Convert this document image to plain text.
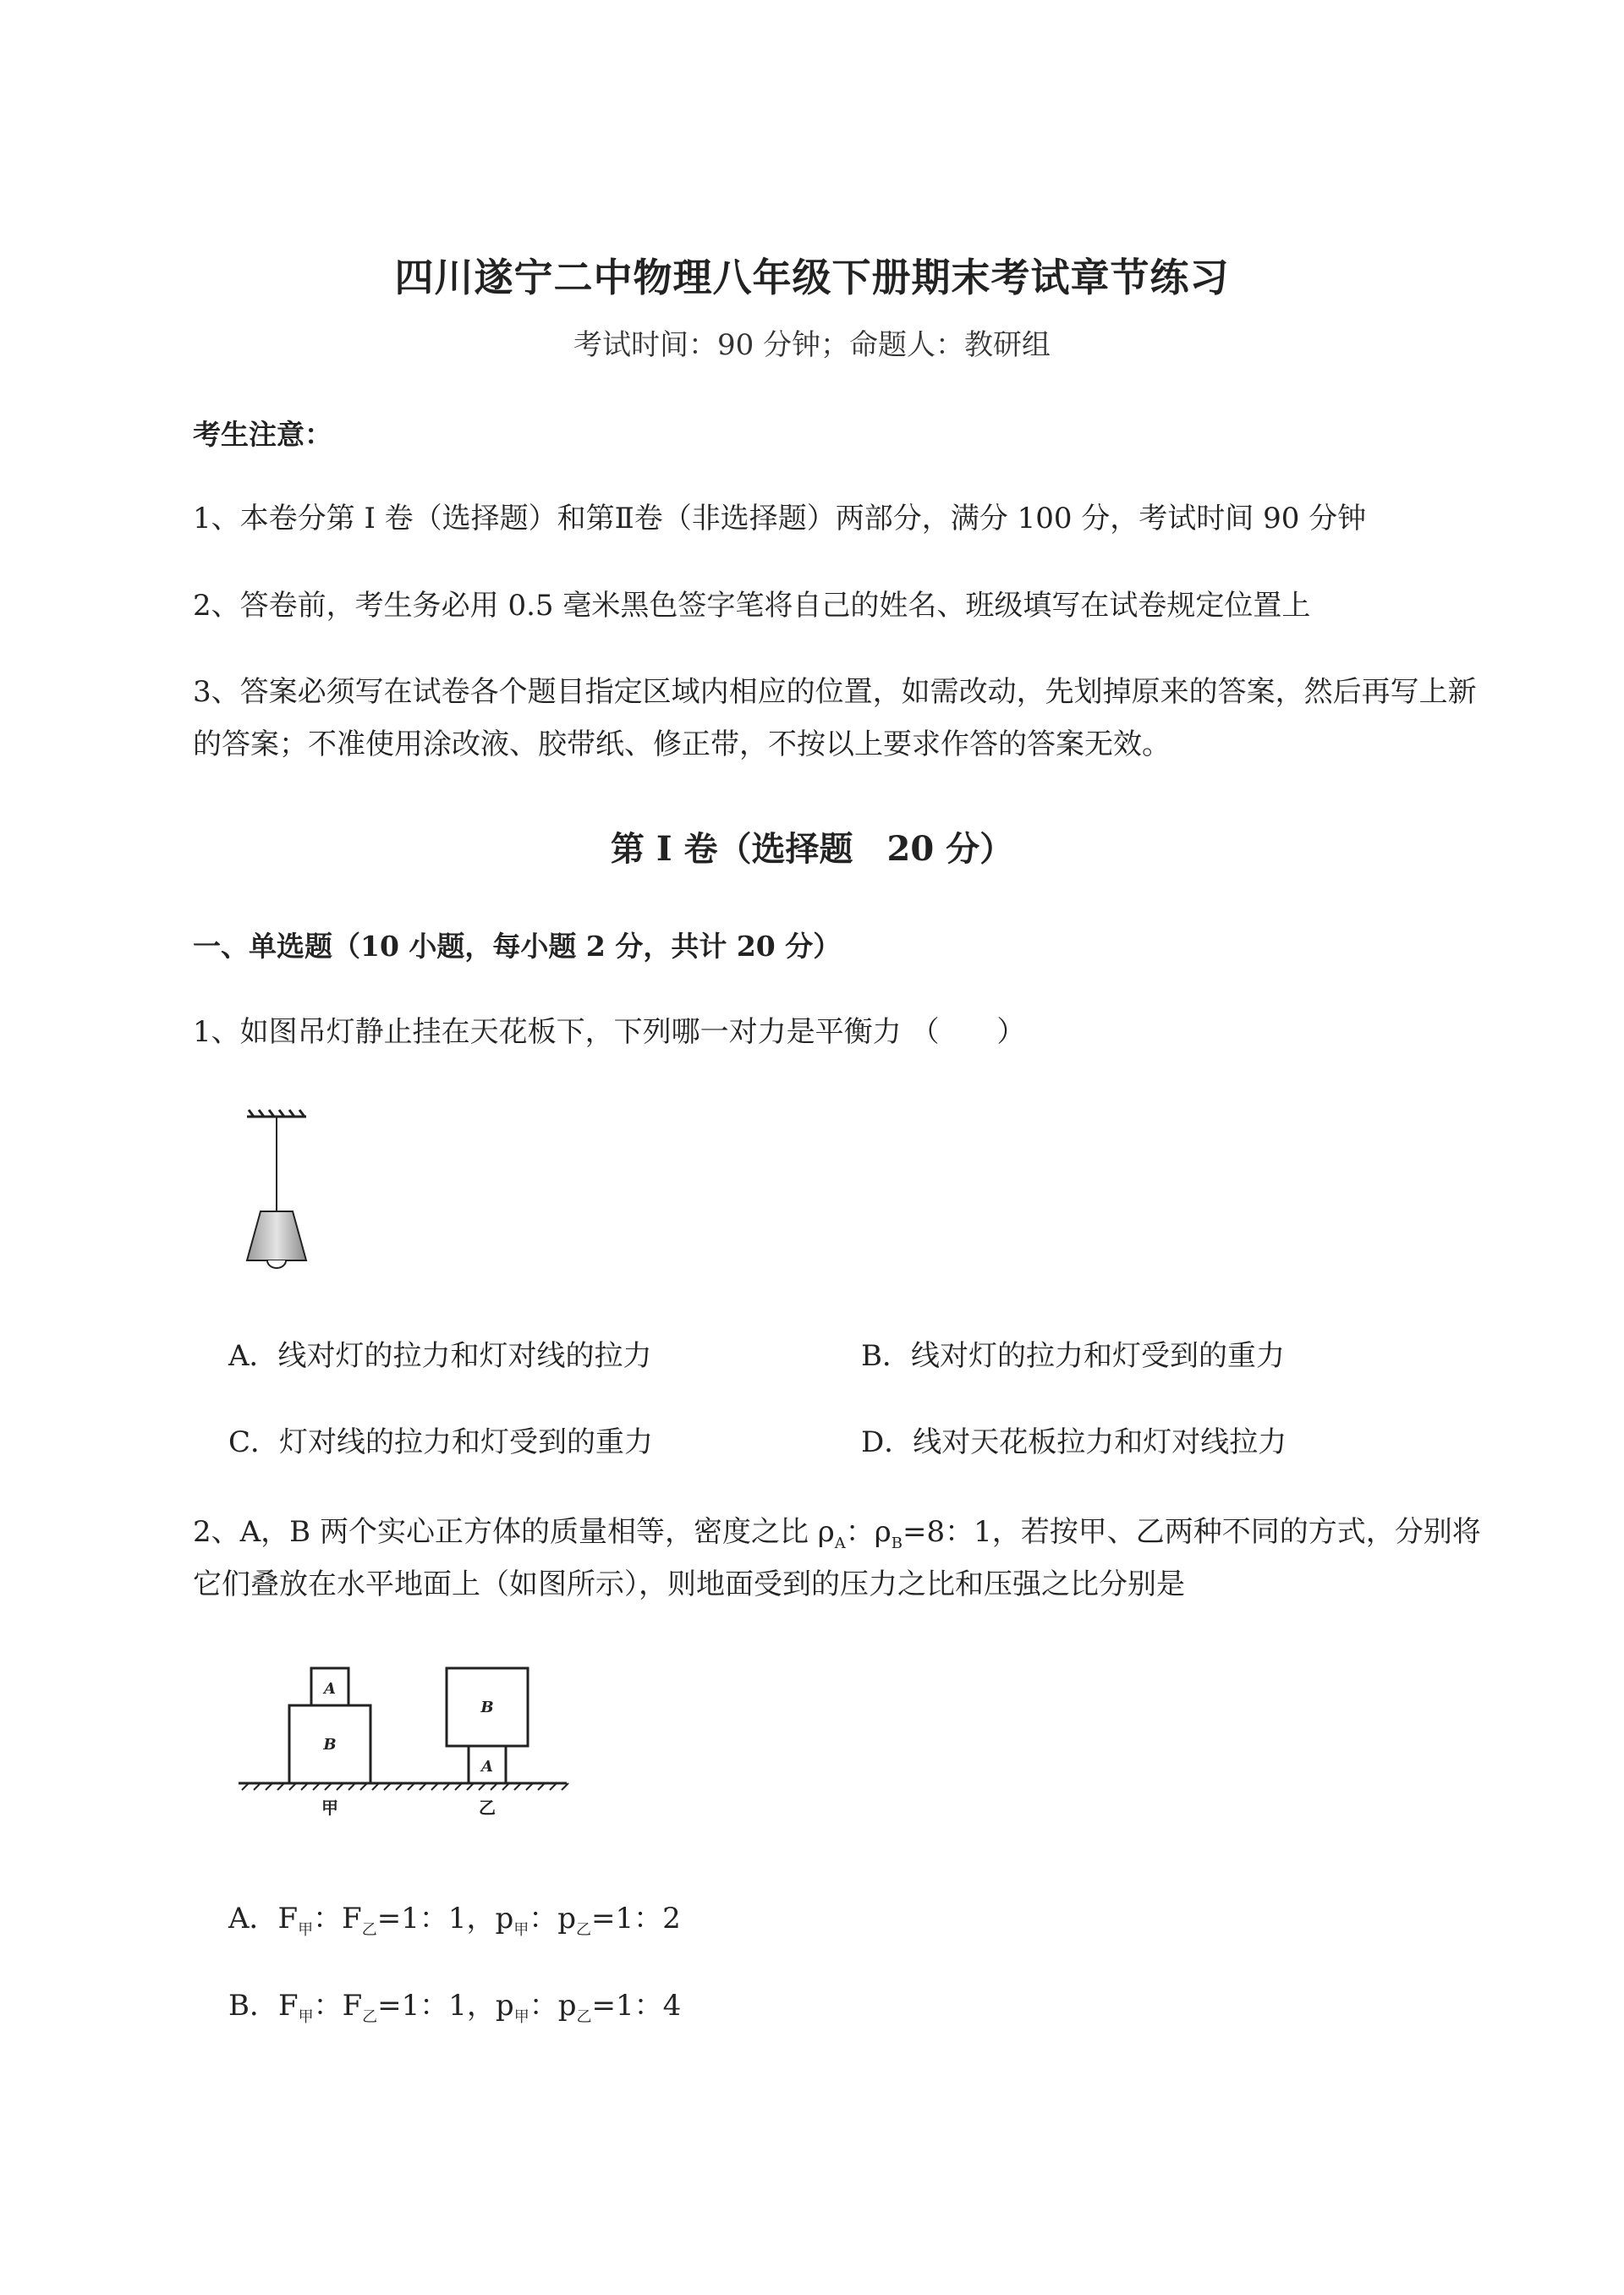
四川遂宁二中物理八年级下册期末考试章节练习
考试时间：90 分钟；命题人：教研组
考生注意：
1、本卷分第 I 卷（选择题）和第Ⅱ卷（非选择题）两部分，满分 100 分，考试时间 90 分钟
2、答卷前，考生务必用 0.5 毫米黑色签字笔将自己的姓名、班级填写在试卷规定位置上
3、答案必须写在试卷各个题目指定区域内相应的位置，如需改动，先划掉原来的答案，然后再写上新
的答案；不准使用涂改液、胶带纸、修正带，不按以上要求作答的答案无效。
第 I 卷（选择题　20 分）
一、单选题（10 小题，每小题 2 分，共计 20 分）
1、如图吊灯静止挂在天花板下，下列哪一对力是平衡力 （　　）
A．线对灯的拉力和灯对线的拉力	B．线对灯的拉力和灯受到的重力
C．灯对线的拉力和灯受到的重力	D．线对天花板拉力和灯对线拉力
2、A，B 两个实心正方体的质量相等，密度之比 $\rho_A$：$\rho_B=8$：1，若按甲、乙两种不同的方式，分别将
它们叠放在水平地面上（如图所示），则地面受到的压力之比和压强之比分别是
A
B
B
A
甲	乙
A．$F_甲$：$F_乙=1$：1，$p_甲$：$p_乙=1$：2
B．$F_甲$：$F_乙=1$：1，$p_甲$：$p_乙=1$：4
